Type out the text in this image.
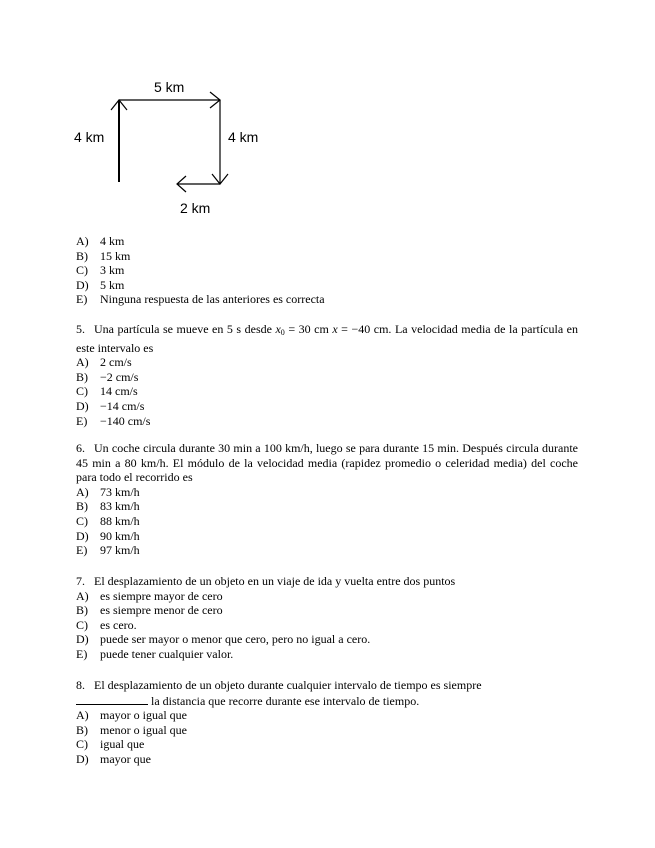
5 km
4 km	4 km
2 km
A) 4 km
B) 15 km
C) 3 km
D) 5 km
E) Ninguna respuesta de las anteriores es correcta
5. Una partícula se mueve en 5 s desde $x_0 = 30$ cm x = −40 cm. La velocidad media de la partícula en este intervalo es
A) 2 cm/s
B) −2 cm/s
C) 14 cm/s
D) −14 cm/s
E) −140 cm/s
6. Un coche circula durante 30 min a 100 km/h, luego se para durante 15 min. Después circula durante 45 min a 80 km/h. El módulo de la velocidad media (rapidez promedio o celeridad media) del coche para todo el recorrido es
A) 73 km/h
B) 83 km/h
C) 88 km/h
D) 90 km/h
E) 97 km/h
7. El desplazamiento de un objeto en un viaje de ida y vuelta entre dos puntos
A) es siempre mayor de cero
B) es siempre menor de cero
C) es cero.
D) puede ser mayor o menor que cero, pero no igual a cero.
E) puede tener cualquier valor.
8. El desplazamiento de un objeto durante cualquier intervalo de tiempo es siempre
la distancia que recorre durante ese intervalo de tiempo.
A) mayor o igual que
B) menor o igual que
C) igual que
D) mayor que
